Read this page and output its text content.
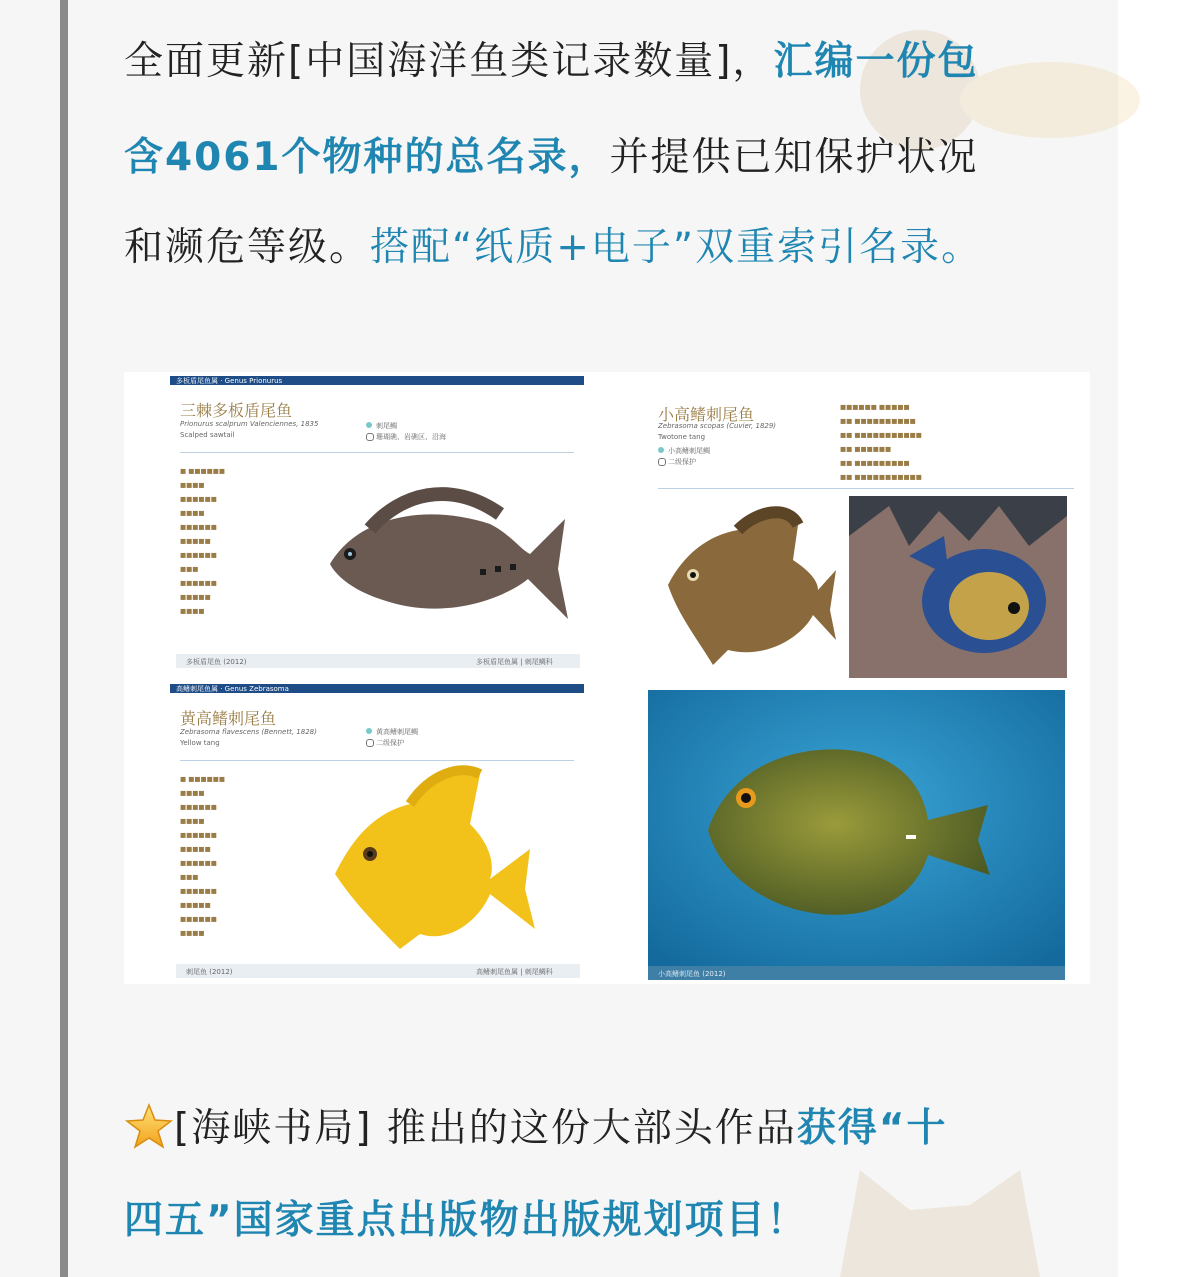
全面更新[中国海洋鱼类记录数量]，汇编一份包
含4061个物种的总名录，并提供已知保护状况
和濒危等级。搭配“纸质+电子”双重索引名录。
多板盾尾鱼属 · Genus Prionurus
三棘多板盾尾鱼
Prionurus scalprum Valenciennes, 1835
Scalped sawtail
刺尾鲷
珊瑚礁、岩礁区、沿海
■ ■■■■■■
■■■■
■■■■■■
■■■■
■■■■■■
■■■■■
■■■■■■
■■■
■■■■■■
■■■■■
■■■■
多板盾尾鱼 (2012)	多板盾尾鱼属 | 刺尾鲷科
高鳍刺尾鱼属 · Genus Zebrasoma
黄高鳍刺尾鱼
Zebrasoma flavescens (Bennett, 1828)
Yellow tang
黄高鳍刺尾鲷
二级保护
■ ■■■■■■
■■■■
■■■■■■
■■■■
■■■■■■
■■■■■
■■■■■■
■■■
■■■■■■
■■■■■
■■■■■■
■■■■
刺尾鱼 (2012)	高鳍刺尾鱼属 | 刺尾鲷科
小高鳍刺尾鱼
Zebrasoma scopas (Cuvier, 1829)
Twotone tang
小高鳍刺尾鲷
二级保护
■■■■■■ ■■■■■
■■ ■■■■■■■■■■
■■ ■■■■■■■■■■■
■■ ■■■■■■
■■ ■■■■■■■■■
■■ ■■■■■■■■■■■
小高鳍刺尾鱼 (2012)
[海峡书局] 推出的这份大部头作品获得“十
四五”国家重点出版物出版规划项目！
